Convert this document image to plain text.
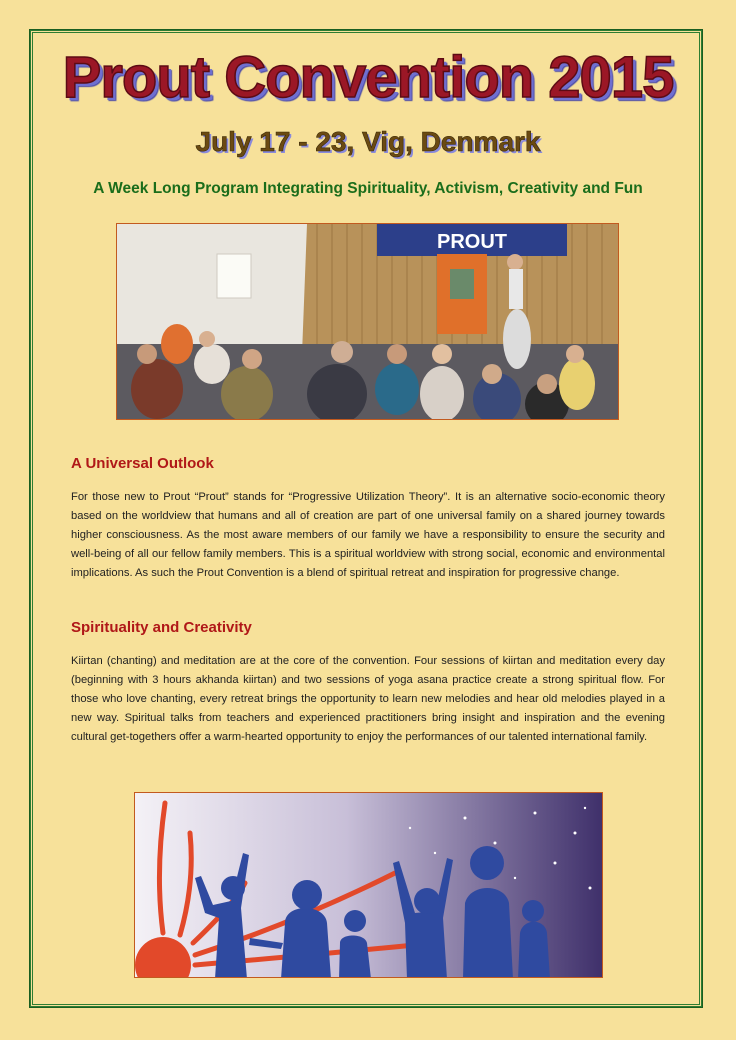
Prout Convention 2015
July 17 - 23, Vig, Denmark
A Week Long Program Integrating Spirituality, Activism, Creativity and Fun
PROUT
A Universal Outlook
For those new to Prout “Prout” stands for “Progressive Utilization Theory”. It is an alternative socio-economic theory based on the worldview that humans and all of creation are part of one universal family on a shared journey towards higher consciousness. As the most aware members of our family we have a responsibility to ensure the security and well-being of all our fellow family members. This is a spiritual worldview with strong social, economic and environmental implications. As such the Prout Convention is a blend of spiritual retreat and inspiration for progressive change.
Spirituality and Creativity
Kiirtan (chanting) and meditation are at the core of the convention. Four sessions of kiirtan and meditation every day (beginning with 3 hours akhanda kiirtan) and two sessions of yoga asana practice create a strong spiritual flow. For those who love chanting, every retreat brings the opportunity to learn new melodies and hear old melodies played in a new way. Spiritual talks from teachers and experienced practitioners bring insight and inspiration and the evening cultural get-togethers offer a warm-hearted opportunity to enjoy the performances of our talented international family.
